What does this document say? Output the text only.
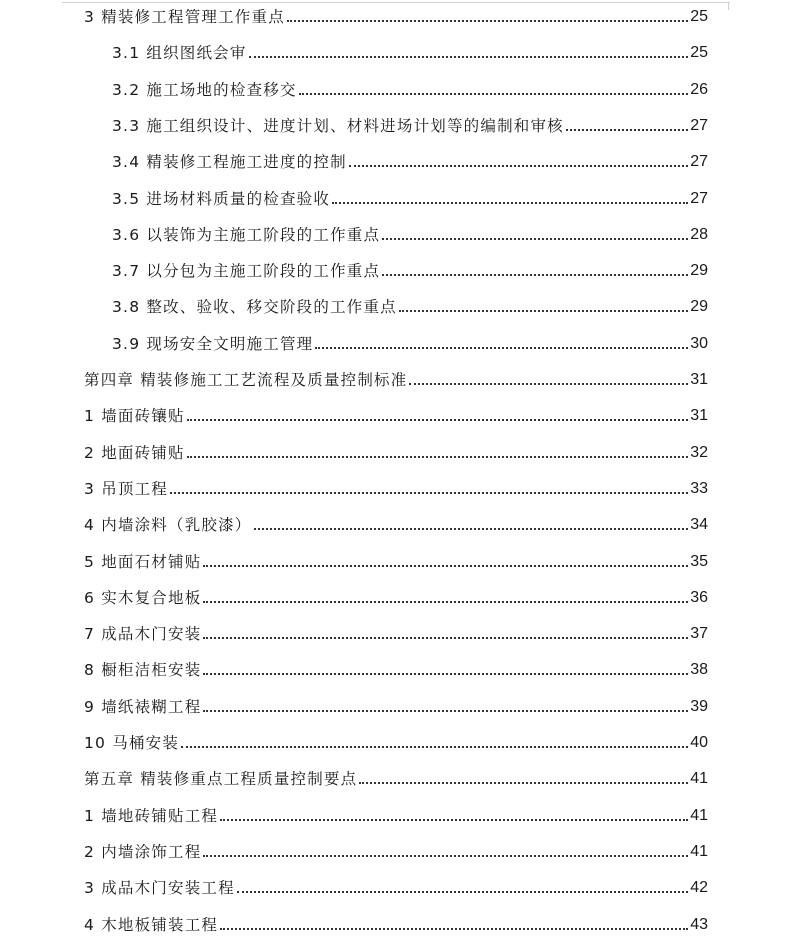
3 精装修工程管理工作重点	25
3.1 组织图纸会审	25
3.2 施工场地的检查移交	26
3.3 施工组织设计、进度计划、材料进场计划等的编制和审核	27
3.4 精装修工程施工进度的控制	27
3.5 进场材料质量的检查验收	27
3.6 以装饰为主施工阶段的工作重点	28
3.7 以分包为主施工阶段的工作重点	29
3.8 整改、验收、移交阶段的工作重点	29
3.9 现场安全文明施工管理	30
第四章 精装修施工工艺流程及质量控制标准	31
1 墙面砖镶贴	31
2 地面砖铺贴	32
3 吊顶工程	33
4 内墙涂料（乳胶漆）	34
5 地面石材铺贴	35
6 实木复合地板	36
7 成品木门安装	37
8 橱柜洁柜安装	38
9 墙纸裱糊工程	39
10 马桶安装	40
第五章 精装修重点工程质量控制要点	41
1 墙地砖铺贴工程	41
2 内墙涂饰工程	41
3 成品木门安装工程	42
4 木地板铺装工程	43
